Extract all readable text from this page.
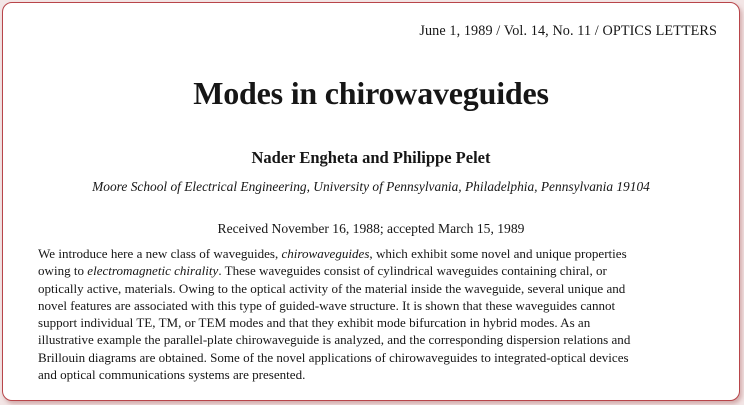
June 1, 1989 / Vol. 14, No. 11 / OPTICS LETTERS
Modes in chirowaveguides
Nader Engheta and Philippe Pelet
Moore School of Electrical Engineering, University of Pennsylvania, Philadelphia, Pennsylvania 19104
Received November 16, 1988; accepted March 15, 1989
We introduce here a new class of waveguides, chirowaveguides, which exhibit some novel and unique properties
owing to electromagnetic chirality. These waveguides consist of cylindrical waveguides containing chiral, or
optically active, materials. Owing to the optical activity of the material inside the waveguide, several unique and
novel features are associated with this type of guided-wave structure. It is shown that these waveguides cannot
support individual TE, TM, or TEM modes and that they exhibit mode bifurcation in hybrid modes. As an
illustrative example the parallel-plate chirowaveguide is analyzed, and the corresponding dispersion relations and
Brillouin diagrams are obtained. Some of the novel applications of chirowaveguides to integrated-optical devices
and optical communications systems are presented.
